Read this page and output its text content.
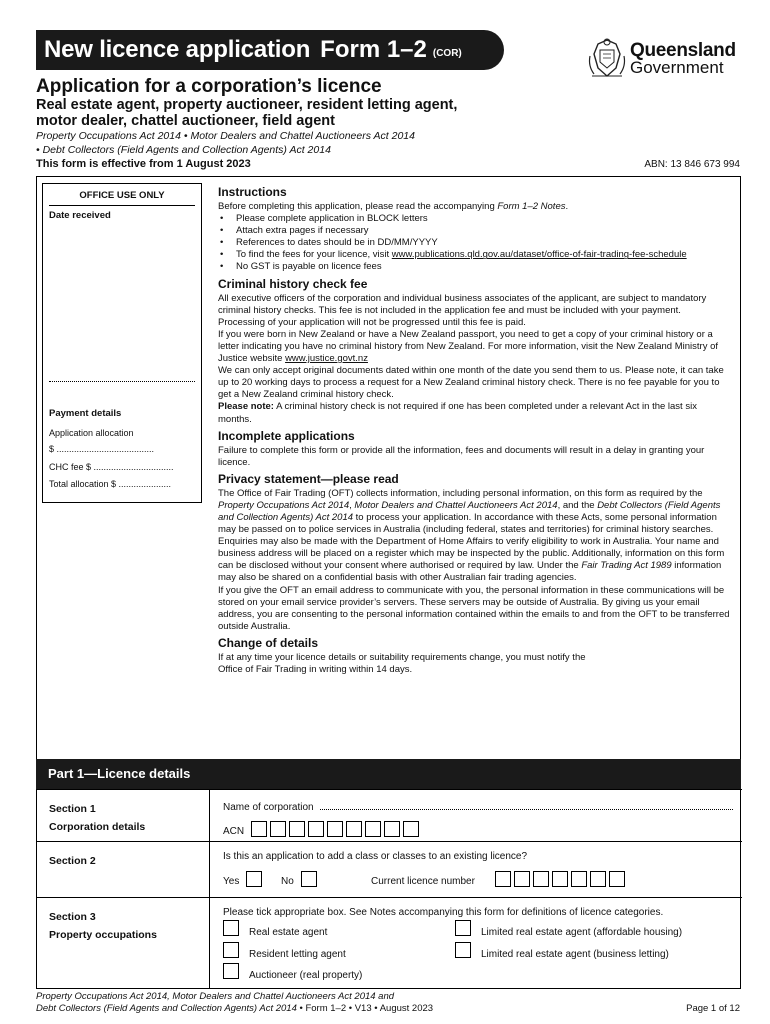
New licence application Form 1–2 (COR)	Queensland
Government
Application for a corporation’s licence
Real estate agent, property auctioneer, resident letting agent,
motor dealer, chattel auctioneer, field agent
Property Occupations Act 2014 • Motor Dealers and Chattel Auctioneers Act 2014
• Debt Collectors (Field Agents and Collection Agents) Act 2014
This form is effective from 1 August 2023	ABN: 13 846 673 994
OFFICE USE ONLY
Date received
Payment details
Application allocation
$ .......................................
CHC fee $ ................................
Total allocation $ .....................
Instructions

Before completing this application, please read the accompanying Form 1–2 Notes.

• Please complete application in BLOCK letters
• Attach extra pages if necessary
• References to dates should be in DD/MM/YYYY
• To find the fees for your licence, visit www.publications.qld.gov.au/dataset/office-of-fair-trading-fee-schedule
• No GST is payable on licence fees
Criminal history check fee

All executive officers of the corporation and individual business associates of the applicant, are subject to mandatory criminal history checks. This fee is not included in the application fee and must be included with your payment. Processing of your application will not be progressed until this fee is paid.

If you were born in New Zealand or have a New Zealand passport, you need to get a copy of your criminal history or a letter indicating you have no criminal history from New Zealand. For more information, visit the New Zealand Ministry of Justice website www.justice.govt.nz

We can only accept original documents dated within one month of the date you send them to us. Please note, it can take up to 20 working days to process a request for a New Zealand criminal history check. There is no fee payable for you to get a New Zealand criminal history check.

Please note: A criminal history check is not required if one has been completed under a relevant Act in the last six months.

Incomplete applications

Failure to complete this form or provide all the information, fees and documents will result in a delay in granting your licence.

Privacy statement—please read

The Office of Fair Trading (OFT) collects information, including personal information, on this form as required by the Property Occupations Act 2014, Motor Dealers and Chattel Auctioneers Act 2014, and the Debt Collectors (Field Agents and Collection Agents) Act 2014 to process your application. In accordance with these Acts, some personal information may be passed on to police services in Australia (including federal, states and territories) for criminal history searches. Enquiries may also be made with the Department of Home Affairs to verify eligibility to work in Australia. Your name and business address will be placed on a register which may be inspected by the public. Additionally, information on this form can be disclosed without your consent where authorised or required by law. Under the Fair Trading Act 1989 information may also be shared on a confidential basis with other Australian fair trading agencies.

If you give the OFT an email address to communicate with you, the personal information in these communications will be stored on your email service provider’s servers. These servers may be outside of Australia. By giving us your email address, you are consenting to the personal information contained within the emails to and from the OFT to be transferred outside Australia.

Change of details

If at any time your licence details or suitability requirements change, you must notify the

Office of Fair Trading in writing within 14 days.

Part 1—Licence details
Section 1
Corporation details
Name of corporation
ACN
Section 2	Is this an application to add a class or classes to an existing licence?
Yes	No	Current licence number
Section 3
Property occupations
Please tick appropriate box. See Notes accompanying this form for definitions of licence categories.
Real estate agent	Limited real estate agent (affordable housing)
Resident letting agent	Limited real estate agent (business letting)
Auctioneer (real property)
Property Occupations Act 2014, Motor Dealers and Chattel Auctioneers Act 2014 and
Debt Collectors (Field Agents and Collection Agents) Act 2014 • Form 1–2 • V13 • August 2023	Page 1 of 12
